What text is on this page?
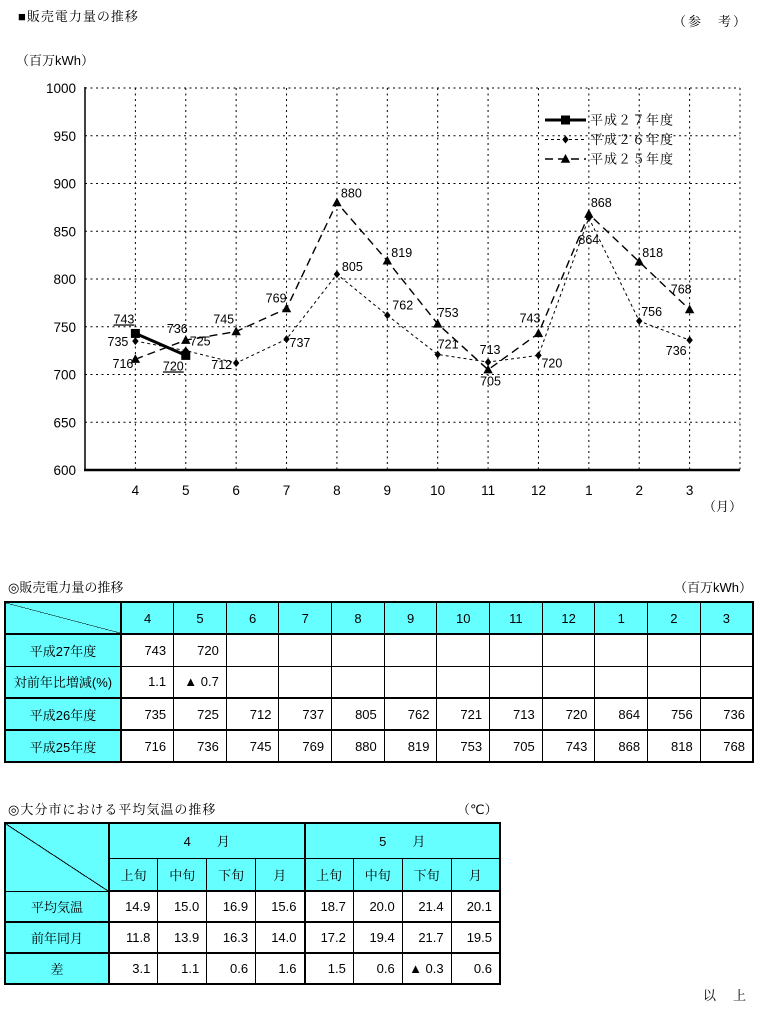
■販売電力量の推移	（参　考）
（百万kWh）
600
650
700
750
800
850
900
950
1000
4	5	6	7	8	9	10	11	12	1	2	3
（月）
743
720
735	725
712
737
805
762
721 713
720
864
756
736
716
736
745
769
880
819
753
705
743
868
818
768
平成２７年度
平成２６年度
平成２５年度
◎販売電力量の推移	（百万kWh）
	4	5	6	7	8	9	10	11	12	1	2	3
平成27年度	743	720										
対前年比増減(%)	1.1	▲ 0.7										
平成26年度	735	725	712	737	805	762	721	713	720	864	756	736
平成25年度	716	736	745	769	880	819	753	705	743	868	818	768
◎大分市における平均気温の推移	（℃）
	4　　月				5　　月			
	上旬	中旬	下旬	月	上旬	中旬	下旬	月
平均気温	14.9	15.0	16.9	15.6	18.7	20.0	21.4	20.1
前年同月	11.8	13.9	16.3	14.0	17.2	19.4	21.7	19.5
差	3.1	1.1	0.6	1.6	1.5	0.6	▲ 0.3	0.6
以　上
